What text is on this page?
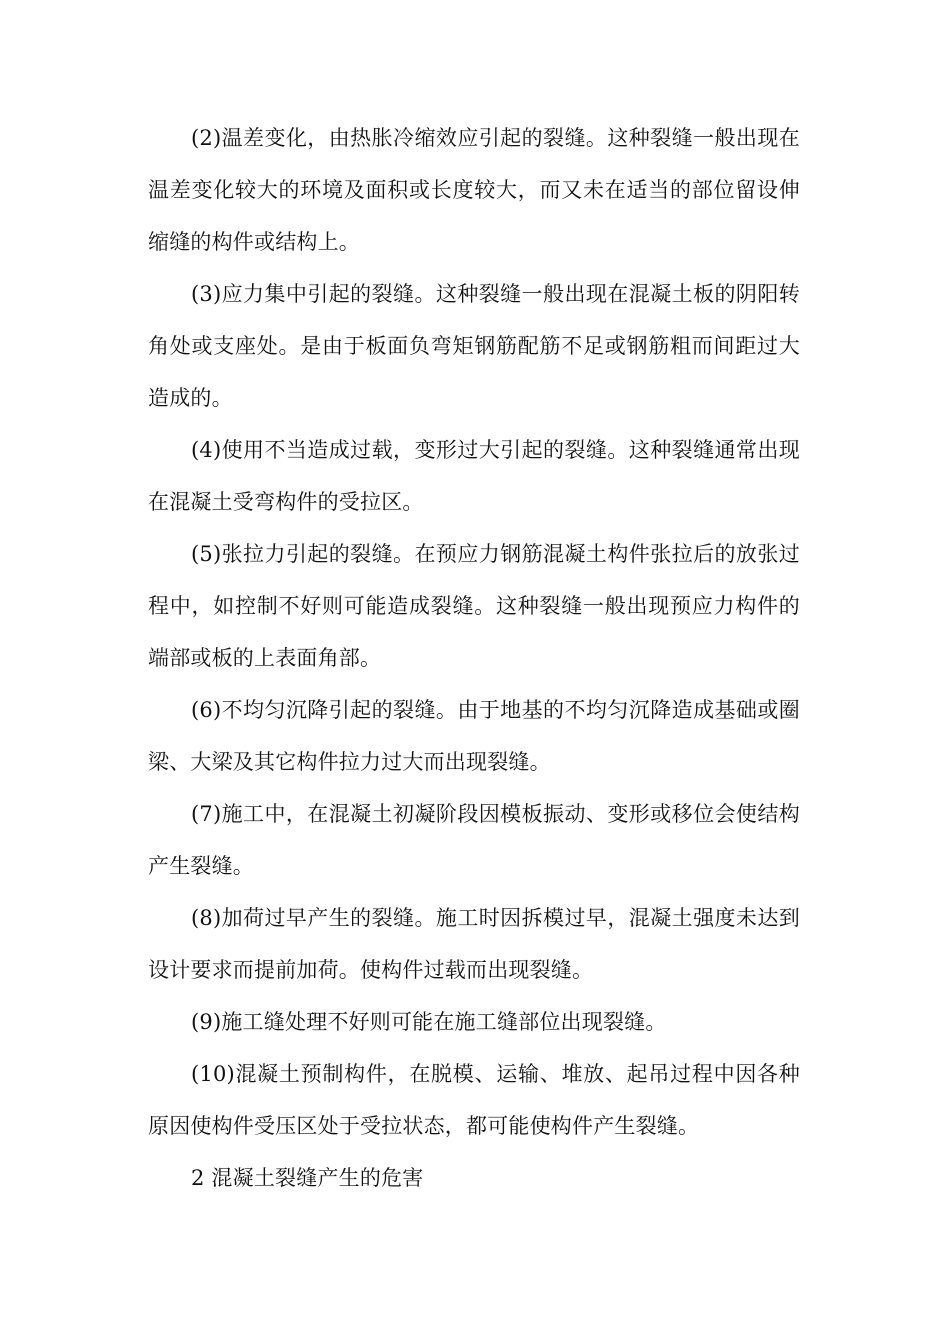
(2)温差变化，由热胀冷缩效应引起的裂缝。这种裂缝一般出现在温差变化较大的环境及面积或长度较大，而又未在适当的部位留设伸缩缝的构件或结构上。

(3)应力集中引起的裂缝。这种裂缝一般出现在混凝土板的阴阳转角处或支座处。是由于板面负弯矩钢筋配筋不足或钢筋粗而间距过大造成的。

(4)使用不当造成过载，变形过大引起的裂缝。这种裂缝通常出现在混凝土受弯构件的受拉区。

(5)张拉力引起的裂缝。在预应力钢筋混凝土构件张拉后的放张过程中，如控制不好则可能造成裂缝。这种裂缝一般出现预应力构件的端部或板的上表面角部。

(6)不均匀沉降引起的裂缝。由于地基的不均匀沉降造成基础或圈梁、大梁及其它构件拉力过大而出现裂缝。

(7)施工中，在混凝土初凝阶段因模板振动、变形或移位会使结构产生裂缝。

(8)加荷过早产生的裂缝。施工时因拆模过早，混凝土强度未达到设计要求而提前加荷。使构件过载而出现裂缝。

(9)施工缝处理不好则可能在施工缝部位出现裂缝。

(10)混凝土预制构件，在脱模、运输、堆放、起吊过程中因各种原因使构件受压区处于受拉状态，都可能使构件产生裂缝。

2 混凝土裂缝产生的危害
